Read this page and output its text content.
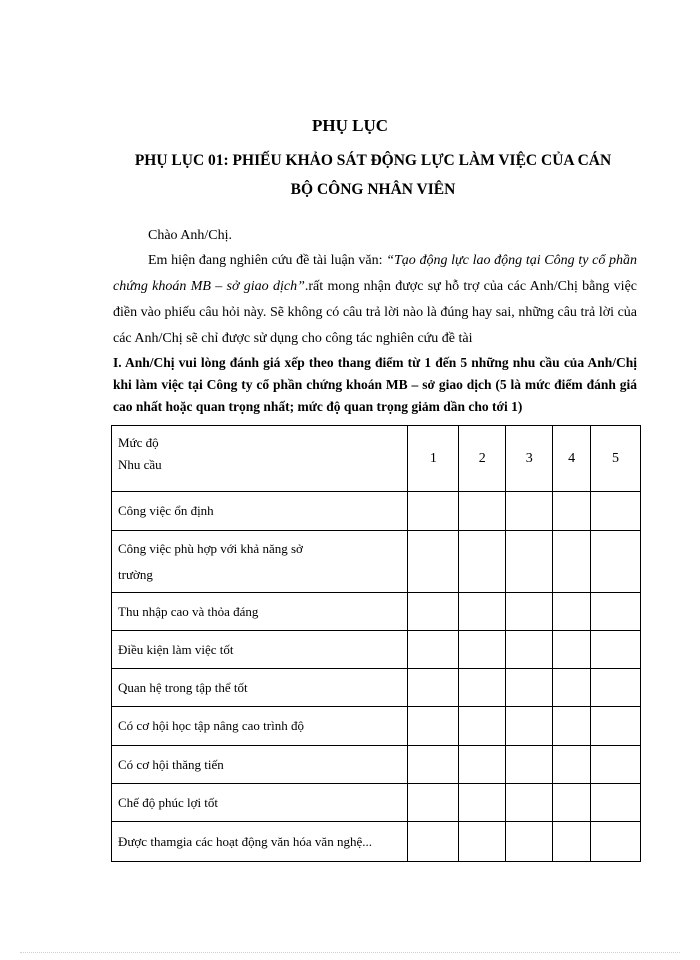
PHỤ LỤC
PHỤ LỤC 01: PHIẾU KHẢO SÁT ĐỘNG LỰC LÀM VIỆC CỦA CÁN
BỘ CÔNG NHÂN VIÊN
Chào Anh/Chị.
Em hiện đang nghiên cứu đề tài luận văn: “Tạo động lực lao động tại Công ty cổ phần chứng khoán MB – sở giao dịch”.rất mong nhận được sự hỗ trợ của các Anh/Chị bằng việc điền vào phiếu câu hỏi này. Sẽ không có câu trả lời nào là đúng hay sai, những câu trả lời của các Anh/Chị sẽ chỉ được sử dụng cho công tác nghiên cứu đề tài
I. Anh/Chị vui lòng đánh giá xếp theo thang điểm từ 1 đến 5 những nhu cầu của Anh/Chị khi làm việc tại Công ty cổ phần chứng khoán MB – sở giao dịch (5 là mức điểm đánh giá cao nhất hoặc quan trọng nhất; mức độ quan trọng giảm dần cho tới 1)
Mức độ
Nhu cầu	1	2	3	4	5

Công việc ổn định					

Công việc phù hợp với khả năng sở
trường					

Thu nhập cao và thỏa đáng					

Điều kiện làm việc tốt					

Quan hệ trong tập thể tốt					

Có cơ hội học tập nâng cao trình độ					

Có cơ hội thăng tiến					

Chế độ phúc lợi tốt					

Được thamgia các hoạt động văn hóa văn nghệ...					
